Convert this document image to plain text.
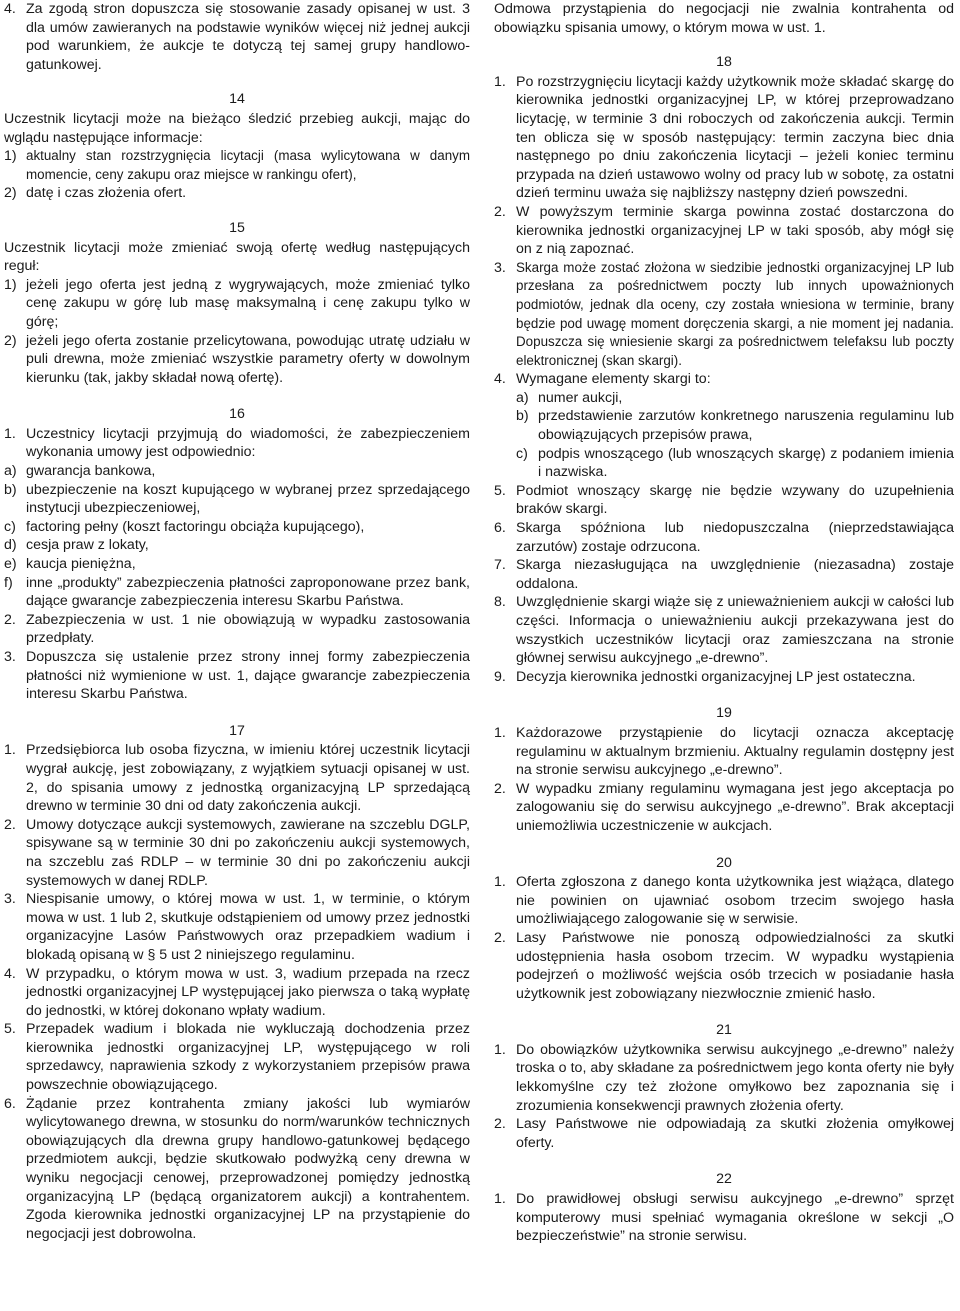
4. Za zgodą stron dopuszcza się stosowanie zasady opisanej w ust. 3 dla umów zawieranych na podstawie wyników więcej niż jednej aukcji pod warunkiem, że aukcje te dotyczą tej samej grupy handlowo-gatunkowej.
14

Uczestnik licytacji może na bieżąco śledzić przebieg aukcji, mając do wglądu następujące informacje:

1) aktualny stan rozstrzygnięcia licytacji (masa wylicytowana w danym momencie, ceny zakupu oraz miejsce w rankingu ofert),
2) datę i czas złożenia ofert.
15

Uczestnik licytacji może zmieniać swoją ofertę według następujących reguł:

1) jeżeli jego oferta jest jedną z wygrywających, może zmieniać tylko cenę zakupu w górę lub masę maksymalną i cenę zakupu tylko w górę;
2) jeżeli jego oferta zostanie przelicytowana, powodując utratę udziału w puli drewna, może zmieniać wszystkie parametry oferty w dowolnym kierunku (tak, jakby składał nową ofertę).
16
1. Uczestnicy licytacji przyjmują do wiadomości, że zabezpieczeniem wykonania umowy jest odpowiednio:
a) gwarancja bankowa,
b) ubezpieczenie na koszt kupującego w wybranej przez sprzedającego instytucji ubezpieczeniowej,
c) factoring pełny (koszt factoringu obciąża kupującego),
d) cesja praw z lokaty,
e) kaucja pieniężna,
f) inne „produkty” zabezpieczenia płatności zaproponowane przez bank, dające gwarancje zabezpieczenia interesu Skarbu Państwa.
2. Zabezpieczenia w ust. 1 nie obowiązują w wypadku zastosowania przedpłaty.
3. Dopuszcza się ustalenie przez strony innej formy zabezpieczenia płatności niż wymienione w ust. 1, dające gwarancje zabezpieczenia interesu Skarbu Państwa.
17
1. Przedsiębiorca lub osoba fizyczna, w imieniu której uczestnik licytacji wygrał aukcję, jest zobowiązany, z wyjątkiem sytuacji opisanej w ust. 2, do spisania umowy z jednostką organizacyjną LP sprzedającą drewno w terminie 30 dni od daty zakończenia aukcji.
2. Umowy dotyczące aukcji systemowych, zawierane na szczeblu DGLP, spisywane są w terminie 30 dni po zakończeniu aukcji systemowych, na szczeblu zaś RDLP – w terminie 30 dni po zakończeniu aukcji systemowych w danej RDLP.
3. Niespisanie umowy, o której mowa w ust. 1, w terminie, o którym mowa w ust. 1 lub 2, skutkuje odstąpieniem od umowy przez jednostki organizacyjne Lasów Państwowych oraz przepadkiem wadium i blokadą opisaną w § 5 ust 2 niniejszego regulaminu.
4. W przypadku, o którym mowa w ust. 3, wadium przepada na rzecz jednostki organizacyjnej LP występującej jako pierwsza o taką wypłatę do jednostki, w której dokonano wpłaty wadium.
5. Przepadek wadium i blokada nie wykluczają dochodzenia przez kierownika jednostki organizacyjnej LP, występującego w roli sprzedawcy, naprawienia szkody z wykorzystaniem przepisów prawa powszechnie obowiązującego.
6. Żądanie przez kontrahenta zmiany jakości lub wymiarów wylicytowanego drewna, w stosunku do norm/warunków technicznych obowiązujących dla drewna grupy handlowo-gatunkowej będącego przedmiotem aukcji, będzie skutkowało podwyżką ceny drewna w wyniku negocjacji cenowej, przeprowadzonej pomiędzy jednostką organizacyjną LP (będącą organizatorem aukcji) a kontrahentem. Zgoda kierownika jednostki organizacyjnej LP na przystąpienie do negocjacji jest dobrowolna.

Odmowa przystąpienia do negocjacji nie zwalnia kontrahenta od obowiązku spisania umowy, o którym mowa w ust. 1.

18
1. Po rozstrzygnięciu licytacji każdy użytkownik może składać skargę do kierownika jednostki organizacyjnej LP, w której przeprowadzano licytację, w terminie 3 dni roboczych od zakończenia aukcji. Termin ten oblicza się w sposób następujący: termin zaczyna biec dnia następnego po dniu zakończenia licytacji – jeżeli koniec terminu przypada na dzień ustawowo wolny od pracy lub w sobotę, za ostatni dzień terminu uważa się najbliższy następny dzień powszedni.
2. W powyższym terminie skarga powinna zostać dostarczona do kierownika jednostki organizacyjnej LP w taki sposób, aby mógł się on z nią zapoznać.
3. Skarga może zostać złożona w siedzibie jednostki organizacyjnej LP lub przesłana za pośrednictwem poczty lub innych upoważnionych podmiotów, jednak dla oceny, czy została wniesiona w terminie, brany będzie pod uwagę moment doręczenia skargi, a nie moment jej nadania. Dopuszcza się wniesienie skargi za pośrednictwem telefaksu lub poczty elektronicznej (skan skargi).
4. Wymagane elementy skargi to:
a) numer aukcji,
b) przedstawienie zarzutów konkretnego naruszenia regulaminu lub obowiązujących przepisów prawa,
c) podpis wnoszącego (lub wnoszących skargę) z podaniem imienia i nazwiska.
5. Podmiot wnoszący skargę nie będzie wzywany do uzupełnienia braków skargi.
6. Skarga spóźniona lub niedopuszczalna (nieprzedstawiająca zarzutów) zostaje odrzucona.
7. Skarga niezasługująca na uwzględnienie (niezasadna) zostaje oddalona.
8. Uwzględnienie skargi wiąże się z unieważnieniem aukcji w całości lub części. Informacja o unieważnieniu aukcji przekazywana jest do wszystkich uczestników licytacji oraz zamieszczana na stronie głównej serwisu aukcyjnego „e-drewno”.
9. Decyzja kierownika jednostki organizacyjnej LP jest ostateczna.
19
1. Każdorazowe przystąpienie do licytacji oznacza akceptację regulaminu w aktualnym brzmieniu. Aktualny regulamin dostępny jest na stronie serwisu aukcyjnego „e-drewno”.
2. W wypadku zmiany regulaminu wymagana jest jego akceptacja po zalogowaniu się do serwisu aukcyjnego „e-drewno”. Brak akceptacji uniemożliwia uczestniczenie w aukcjach.
20
1. Oferta zgłoszona z danego konta użytkownika jest wiążąca, dlatego nie powinien on ujawniać osobom trzecim swojego hasła umożliwiającego zalogowanie się w serwisie.
2. Lasy Państwowe nie ponoszą odpowiedzialności za skutki udostępnienia hasła osobom trzecim. W wypadku wystąpienia podejrzeń o możliwość wejścia osób trzecich w posiadanie hasła użytkownik jest zobowiązany niezwłocznie zmienić hasło.
21
1. Do obowiązków użytkownika serwisu aukcyjnego „e-drewno” należy troska o to, aby składane za pośrednictwem jego konta oferty nie były lekkomyślne czy też złożone omyłkowo bez zapoznania się i zrozumienia konsekwencji prawnych złożenia oferty.
2. Lasy Państwowe nie odpowiadają za skutki złożenia omyłkowej oferty.
22
1. Do prawidłowej obsługi serwisu aukcyjnego „e-drewno” sprzęt komputerowy musi spełniać wymagania określone w sekcji „O bezpieczeństwie” na stronie serwisu.
